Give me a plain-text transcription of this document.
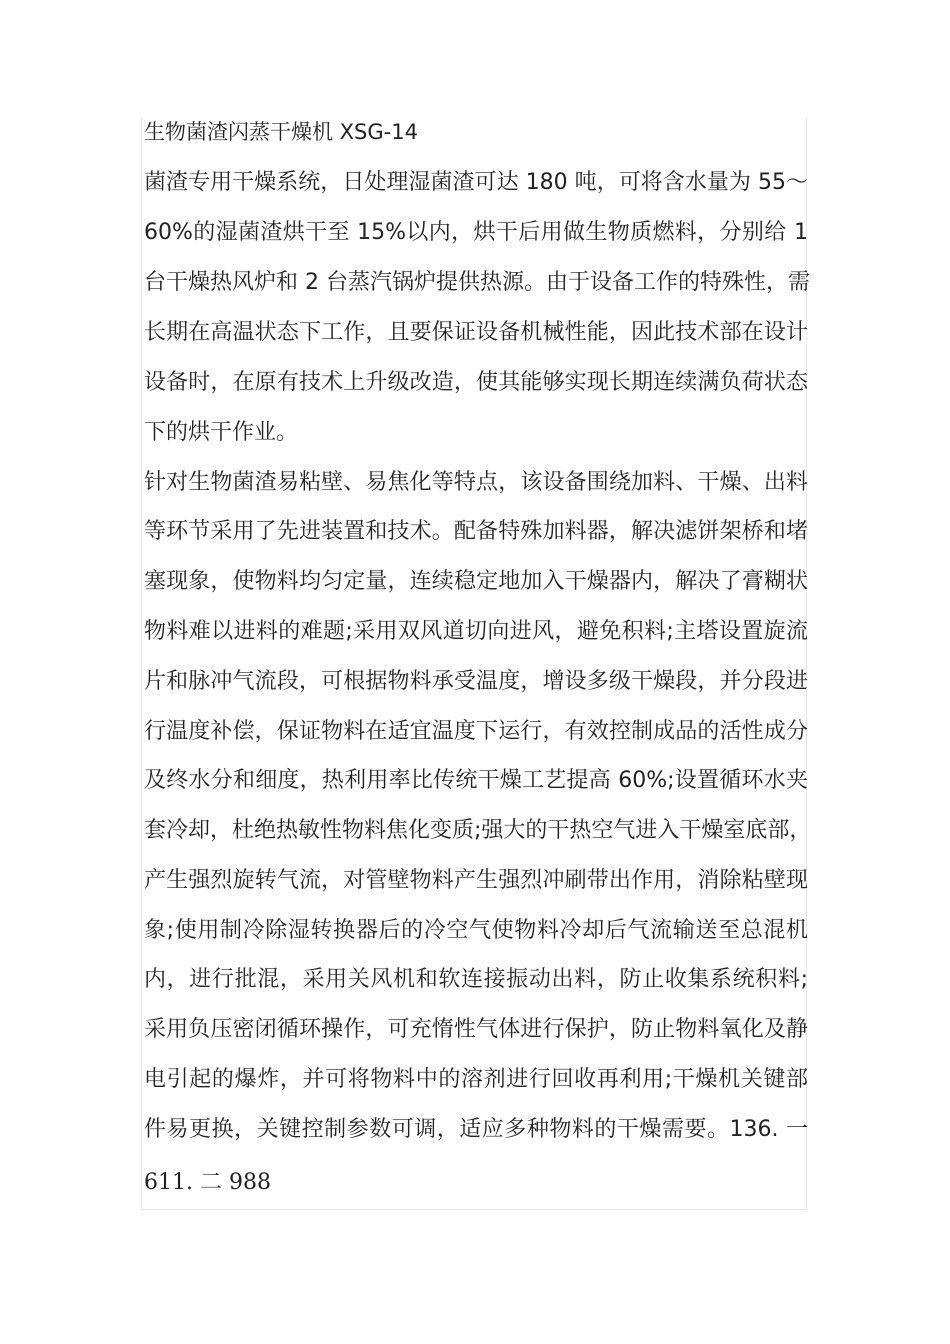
生物菌渣闪蒸干燥机 XSG-14
菌渣专用干燥系统，日处理湿菌渣可达 180 吨，可将含水量为 55～
60%的湿菌渣烘干至 15%以内，烘干后用做生物质燃料，分别给 1
台干燥热风炉和 2 台蒸汽锅炉提供热源。由于设备工作的特殊性，需
长期在高温状态下工作，且要保证设备机械性能，因此技术部在设计
设备时，在原有技术上升级改造，使其能够实现长期连续满负荷状态
下的烘干作业。
针对生物菌渣易粘壁、易焦化等特点，该设备围绕加料、干燥、出料
等环节采用了先进装置和技术。配备特殊加料器，解决滤饼架桥和堵
塞现象，使物料均匀定量，连续稳定地加入干燥器内，解决了膏糊状
物料难以进料的难题;采用双风道切向进风，避免积料;主塔设置旋流
片和脉冲气流段，可根据物料承受温度，增设多级干燥段，并分段进
行温度补偿，保证物料在适宜温度下运行，有效控制成品的活性成分
及终水分和细度，热利用率比传统干燥工艺提高 60%;设置循环水夹
套冷却，杜绝热敏性物料焦化变质;强大的干热空气进入干燥室底部，
产生强烈旋转气流，对管壁物料产生强烈冲刷带出作用，消除粘壁现
象;使用制冷除湿转换器后的冷空气使物料冷却后气流输送至总混机
内，进行批混，采用关风机和软连接振动出料，防止收集系统积料;
采用负压密闭循环操作，可充惰性气体进行保护，防止物料氧化及静
电引起的爆炸，并可将物料中的溶剂进行回收再利用;干燥机关键部
件易更换，关键控制参数可调，适应多种物料的干燥需要。136. 一
611. 二 988
